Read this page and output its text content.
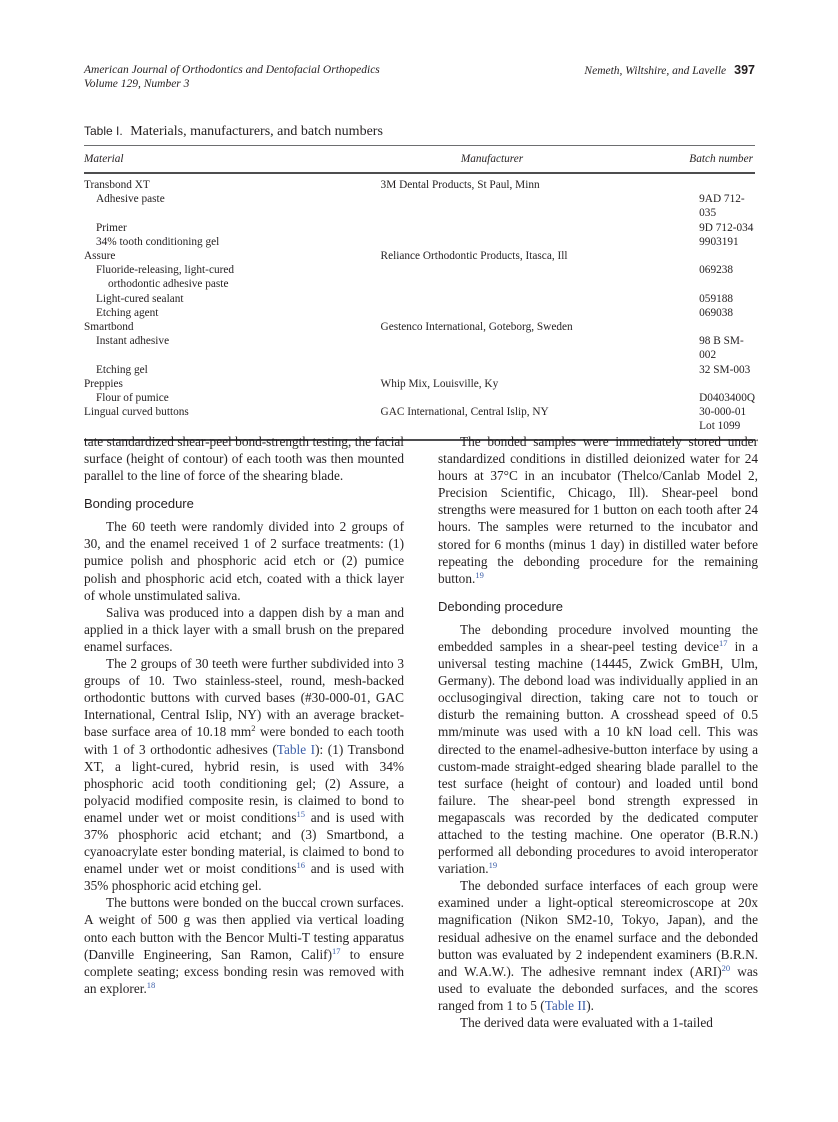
American Journal of Orthodontics and Dentofacial Orthopedics
Volume 129, Number 3
Nemeth, Wiltshire, and Lavelle 397
Table I. Materials, manufacturers, and batch numbers
Material	Manufacturer	Batch number
Transbond XT	3M Dental Products, St Paul, Minn	
Adhesive paste		9AD 712-035
Primer		9D 712-034
34% tooth conditioning gel		9903191
Assure	Reliance Orthodontic Products, Itasca, Ill	
Fluoride-releasing, light-cured		069238
orthodontic adhesive paste		
Light-cured sealant		059188
Etching agent		069038
Smartbond	Gestenco International, Goteborg, Sweden	
Instant adhesive		98 B SM-002
Etching gel		32 SM-003
Preppies	Whip Mix, Louisville, Ky	
Flour of pumice		D0403400Q
Lingual curved buttons	GAC International, Central Islip, NY	30-000-01 Lot 1099

tate standardized shear-peel bond-strength testing, the facial surface (height of contour) of each tooth was then mounted parallel to the line of force of the shearing blade.

Bonding procedure

The 60 teeth were randomly divided into 2 groups of 30, and the enamel received 1 of 2 surface treatments: (1) pumice polish and phosphoric acid etch or (2) pumice polish and phosphoric acid etch, coated with a thick layer of whole unstimulated saliva.

Saliva was produced into a dappen dish by a man and applied in a thick layer with a small brush on the prepared enamel surfaces.

The 2 groups of 30 teeth were further subdivided into 3 groups of 10. Two stainless-steel, round, mesh-backed orthodontic buttons with curved bases (#30-000-01, GAC International, Central Islip, NY) with an average bracket-base surface area of 10.18 $mm^2$ were bonded to each tooth with 1 of 3 orthodontic adhesives (Table I): (1) Transbond XT, a light-cured, hybrid resin, is used with 34% phosphoric acid tooth conditioning gel; (2) Assure, a polyacid modified composite resin, is claimed to bond to enamel under wet or moist conditions$^{15}$ and is used with 37% phosphoric acid etchant; and (3) Smartbond, a cyanoacrylate ester bonding material, is claimed to bond to enamel under wet or moist conditions$^{16}$ and is used with 35% phosphoric acid etching gel.

The buttons were bonded on the buccal crown surfaces. A weight of 500 g was then applied via vertical loading onto each button with the Bencor Multi-T testing apparatus (Danville Engineering, San Ramon, Calif)$^{17}$ to ensure complete seating; excess bonding resin was removed with an explorer.$^{18}$

The bonded samples were immediately stored under standardized conditions in distilled deionized water for 24 hours at 37°C in an incubator (Thelco/Canlab Model 2, Precision Scientific, Chicago, Ill). Shear-peel bond strengths were measured for 1 button on each tooth after 24 hours. The samples were returned to the incubator and stored for 6 months (minus 1 day) in distilled water before repeating the debonding procedure for the remaining button.$^{19}$

Debonding procedure

The debonding procedure involved mounting the embedded samples in a shear-peel testing device$^{17}$ in a universal testing machine (14445, Zwick GmBH, Ulm, Germany). The debond load was individually applied in an occlusogingival direction, taking care not to touch or disturb the remaining button. A crosshead speed of 0.5 mm/minute was used with a 10 kN load cell. This was directed to the enamel-adhesive-button interface by using a custom-made straight-edged shearing blade parallel to the test surface (height of contour) and loaded until bond failure. The shear-peel bond strength expressed in megapascals was recorded by the dedicated computer attached to the testing machine. One operator (B.R.N.) performed all debonding procedures to avoid interoperator variation.$^{19}$

The debonded surface interfaces of each group were examined under a light-optical stereomicroscope at 20x magnification (Nikon SM2-10, Tokyo, Japan), and the residual adhesive on the enamel surface and the debonded button was evaluated by 2 independent examiners (B.R.N. and W.A.W.). The adhesive remnant index (ARI)$^{20}$ was used to evaluate the debonded surfaces, and the scores ranged from 1 to 5 (Table II).

The derived data were evaluated with a 1-tailed
